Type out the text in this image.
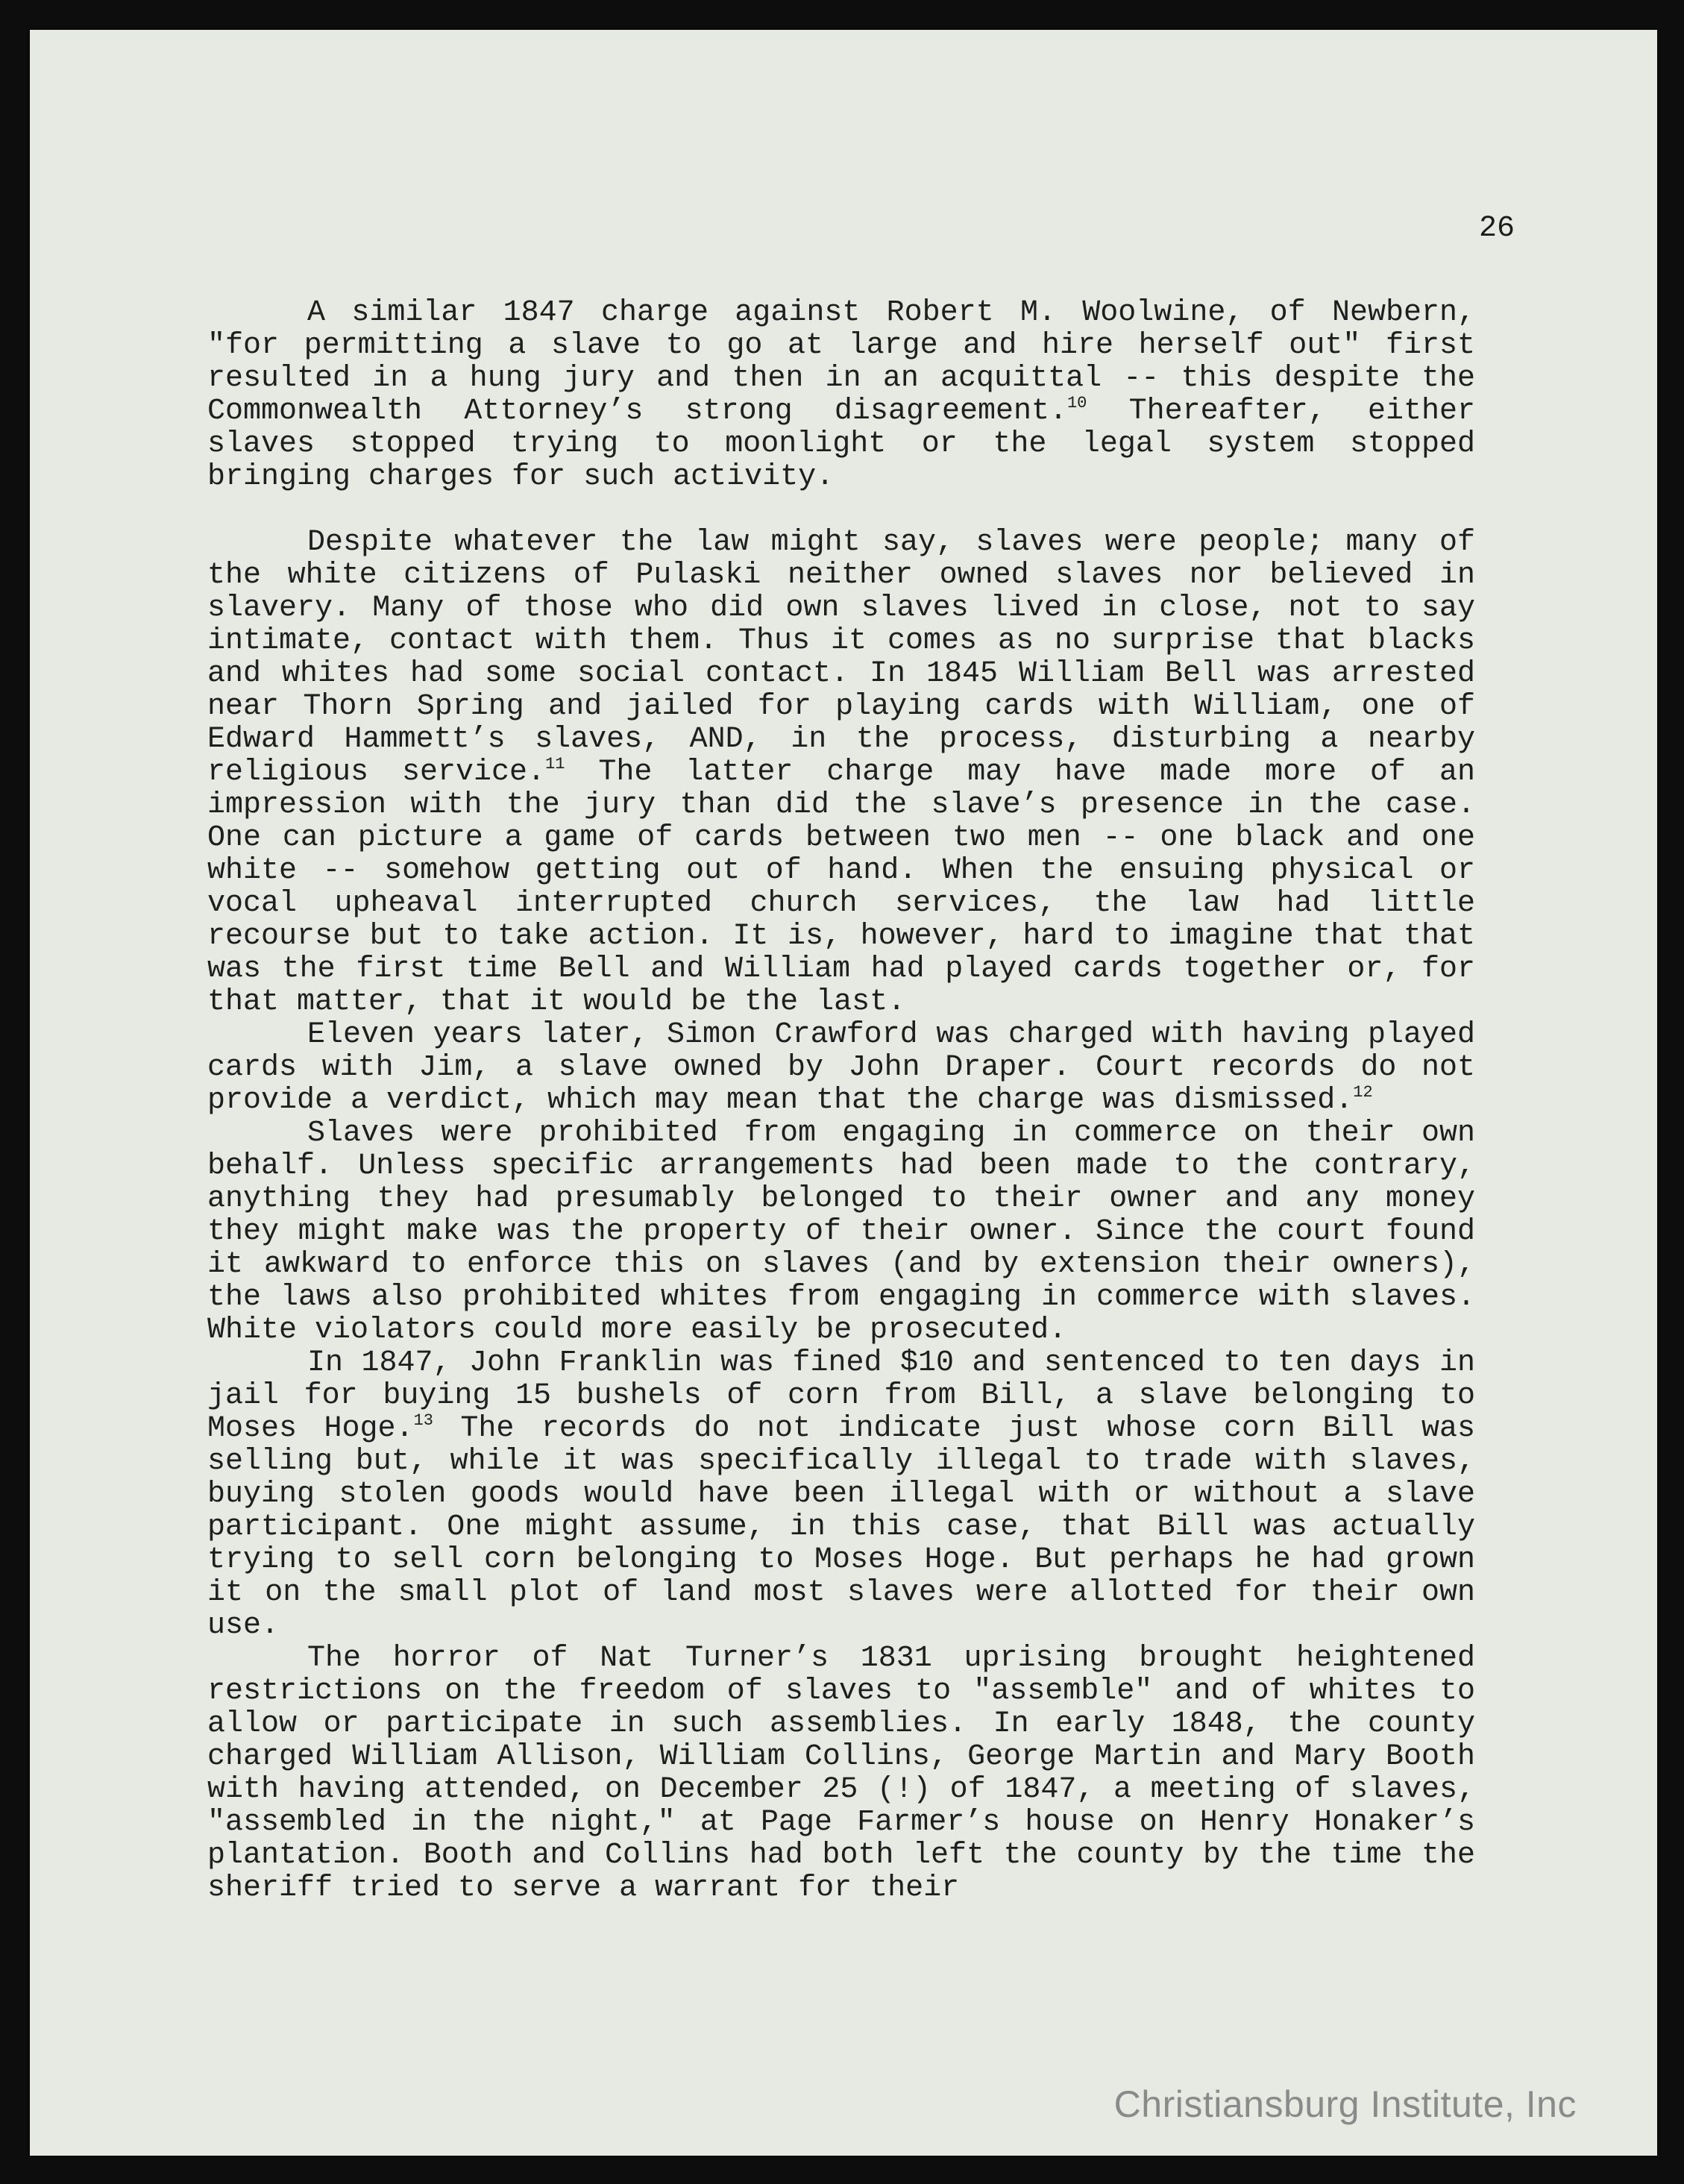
26

A similar 1847 charge against Robert M. Woolwine, of Newbern, "for permitting a slave to go at large and hire herself out" first resulted in a hung jury and then in an acquittal -- this despite the Commonwealth Attorney’s strong disagreement.$^{10}$ Thereafter, either slaves stopped trying to moonlight or the legal system stopped bringing charges for such activity.

Despite whatever the law might say, slaves were people; many of the white citizens of Pulaski neither owned slaves nor believed in slavery. Many of those who did own slaves lived in close, not to say intimate, contact with them. Thus it comes as no surprise that blacks and whites had some social contact. In 1845 William Bell was arrested near Thorn Spring and jailed for playing cards with William, one of Edward Hammett’s slaves, AND, in the process, disturbing a nearby religious service.$^{11}$ The latter charge may have made more of an impression with the jury than did the slave’s presence in the case. One can picture a game of cards between two men -- one black and one white -- somehow getting out of hand. When the ensuing physical or vocal upheaval interrupted church services, the law had little recourse but to take action. It is, however, hard to imagine that that was the first time Bell and William had played cards together or, for that matter, that it would be the last.

Eleven years later, Simon Crawford was charged with having played cards with Jim, a slave owned by John Draper. Court records do not provide a verdict, which may mean that the charge was dismissed.$^{12}$

Slaves were prohibited from engaging in commerce on their own behalf. Unless specific arrangements had been made to the contrary, anything they had presumably belonged to their owner and any money they might make was the property of their owner. Since the court found it awkward to enforce this on slaves (and by extension their owners), the laws also prohibited whites from engaging in commerce with slaves. White violators could more easily be prosecuted.

In 1847, John Franklin was fined $10 and sentenced to ten days in jail for buying 15 bushels of corn from Bill, a slave belonging to Moses Hoge.$^{13}$ The records do not indicate just whose corn Bill was selling but, while it was specifically illegal to trade with slaves, buying stolen goods would have been illegal with or without a slave participant. One might assume, in this case, that Bill was actually trying to sell corn belonging to Moses Hoge. But perhaps he had grown it on the small plot of land most slaves were allotted for their own use.

The horror of Nat Turner’s 1831 uprising brought heightened restrictions on the freedom of slaves to "assemble" and of whites to allow or participate in such assemblies. In early 1848, the county charged William Allison, William Collins, George Martin and Mary Booth with having attended, on December 25 (!) of 1847, a meeting of slaves, "assembled in the night," at Page Farmer’s house on Henry Honaker’s plantation. Booth and Collins had both left the county by the time the sheriff tried to serve a warrant for their

Christiansburg Institute, Inc
